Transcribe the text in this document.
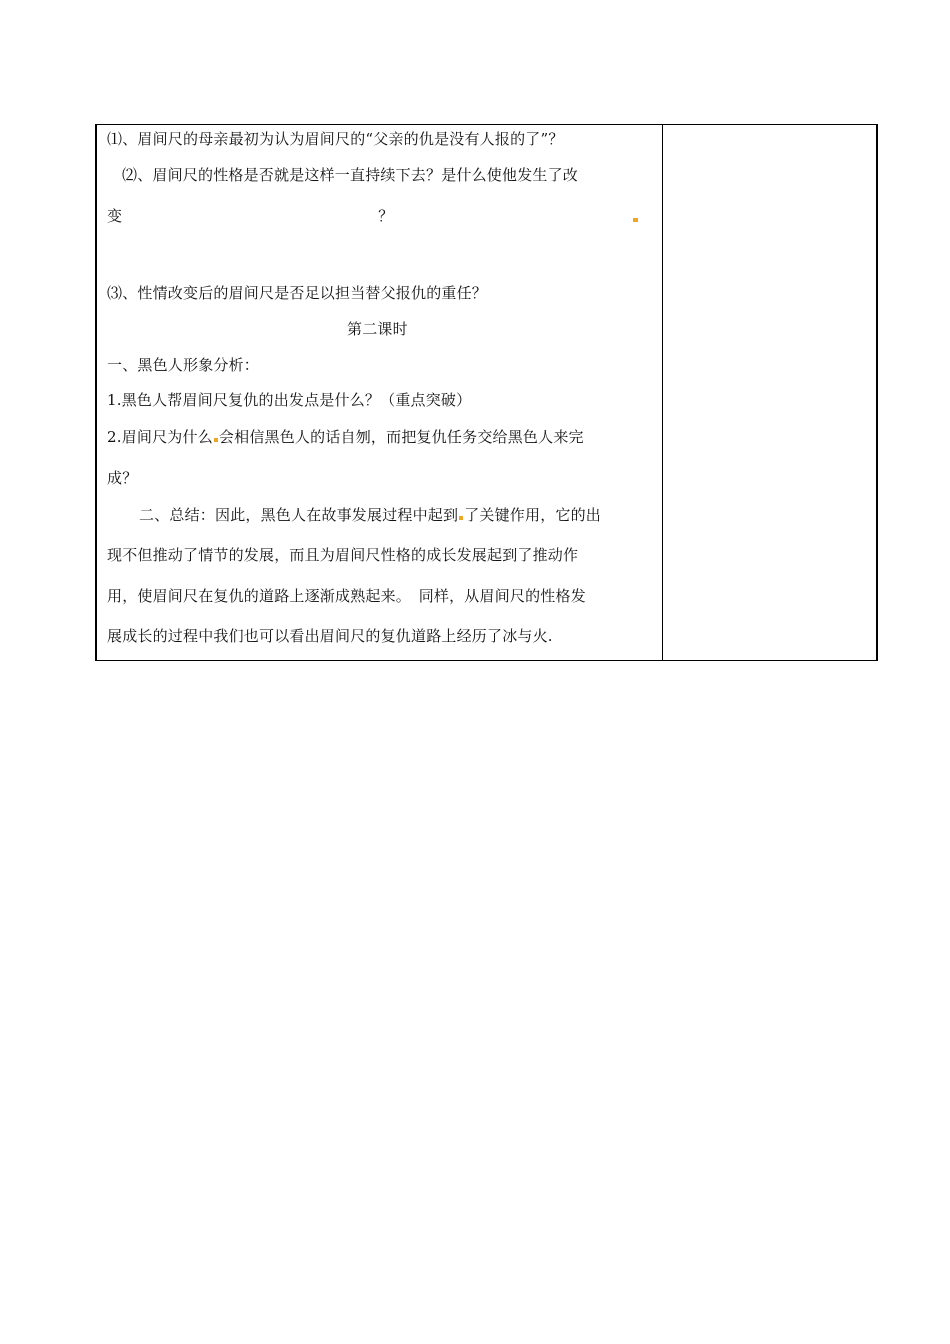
⑴、眉间尺的母亲最初为认为眉间尺的“父亲的仇是没有人报的了”？
⑵、眉间尺的性格是否就是这样一直持续下去？是什么使他发生了改
变	？
⑶、性情改变后的眉间尺是否足以担当替父报仇的重任？
第二课时
一、黑色人形象分析：
1.黑色人帮眉间尺复仇的出发点是什么？（重点突破）
2.眉间尺为什么 会相信黑色人的话自刎，而把复仇任务交给黑色人来完
成？
二、总结：因此，黑色人在故事发展过程中起到 了关键作用，它的出
现不但推动了情节的发展，而且为眉间尺性格的成长发展起到了推动作
用，使眉间尺在复仇的道路上逐渐成熟起来。　同样，从眉间尺的性格发
展成长的过程中我们也可以看出眉间尺的复仇道路上经历了冰与火.
